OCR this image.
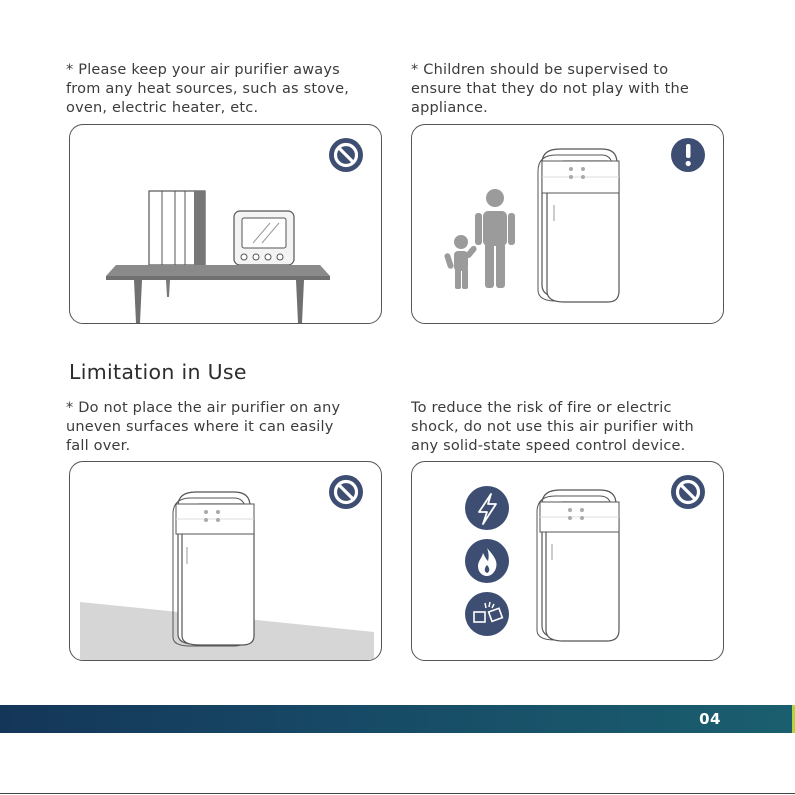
* Please keep your air purifier aways
from any heat sources, such as stove,
oven, electric heater, etc.
* Children should be supervised to
ensure that they do not play with the
appliance.
Limitation in Use
* Do not place the air purifier on any
uneven surfaces where it can easily
fall over.
To reduce the risk of fire or electric
shock, do not use this air purifier with
any solid-state speed control device.
04
